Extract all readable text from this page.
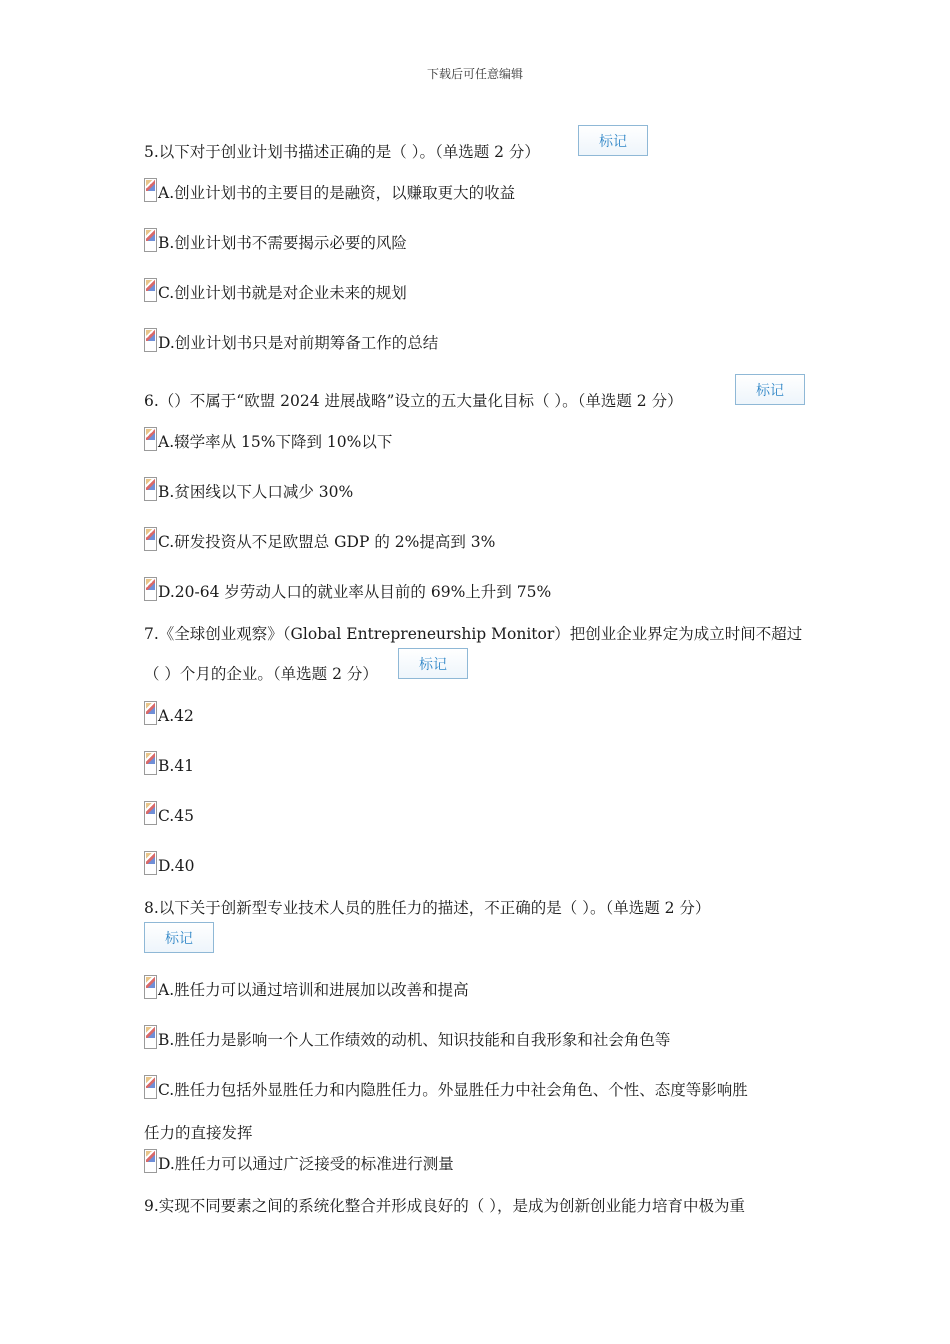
下载后可任意编辑
5.以下对于创业计划书描述正确的是（ ）。（单选题 2 分）
标记
A.创业计划书的主要目的是融资，以赚取更大的收益
B.创业计划书不需要揭示必要的风险
C.创业计划书就是对企业未来的规划
D.创业计划书只是对前期筹备工作的总结
6.（）不属于“欧盟 2024 进展战略”设立的五大量化目标（ ）。（单选题 2 分）
标记
A.辍学率从 15%下降到 10%以下
B.贫困线以下人口减少 30%
C.研发投资从不足欧盟总 GDP 的 2%提高到 3%
D.20-64 岁劳动人口的就业率从目前的 69%上升到 75%
7.《全球创业观察》（Global Entrepreneurship Monitor）把创业企业界定为成立时间不超过
（ ）个月的企业。（单选题 2 分）
标记
A.42
B.41
C.45
D.40
8.以下关于创新型专业技术人员的胜任力的描述，不正确的是（ ）。（单选题 2 分）
标记
A.胜任力可以通过培训和进展加以改善和提高
B.胜任力是影响一个人工作绩效的动机、知识技能和自我形象和社会角色等
C.胜任力包括外显胜任力和内隐胜任力。外显胜任力中社会角色、个性、态度等影响胜
任力的直接发挥
D.胜任力可以通过广泛接受的标准进行测量
9.实现不同要素之间的系统化整合并形成良好的（ ），是成为创新创业能力培育中极为重
